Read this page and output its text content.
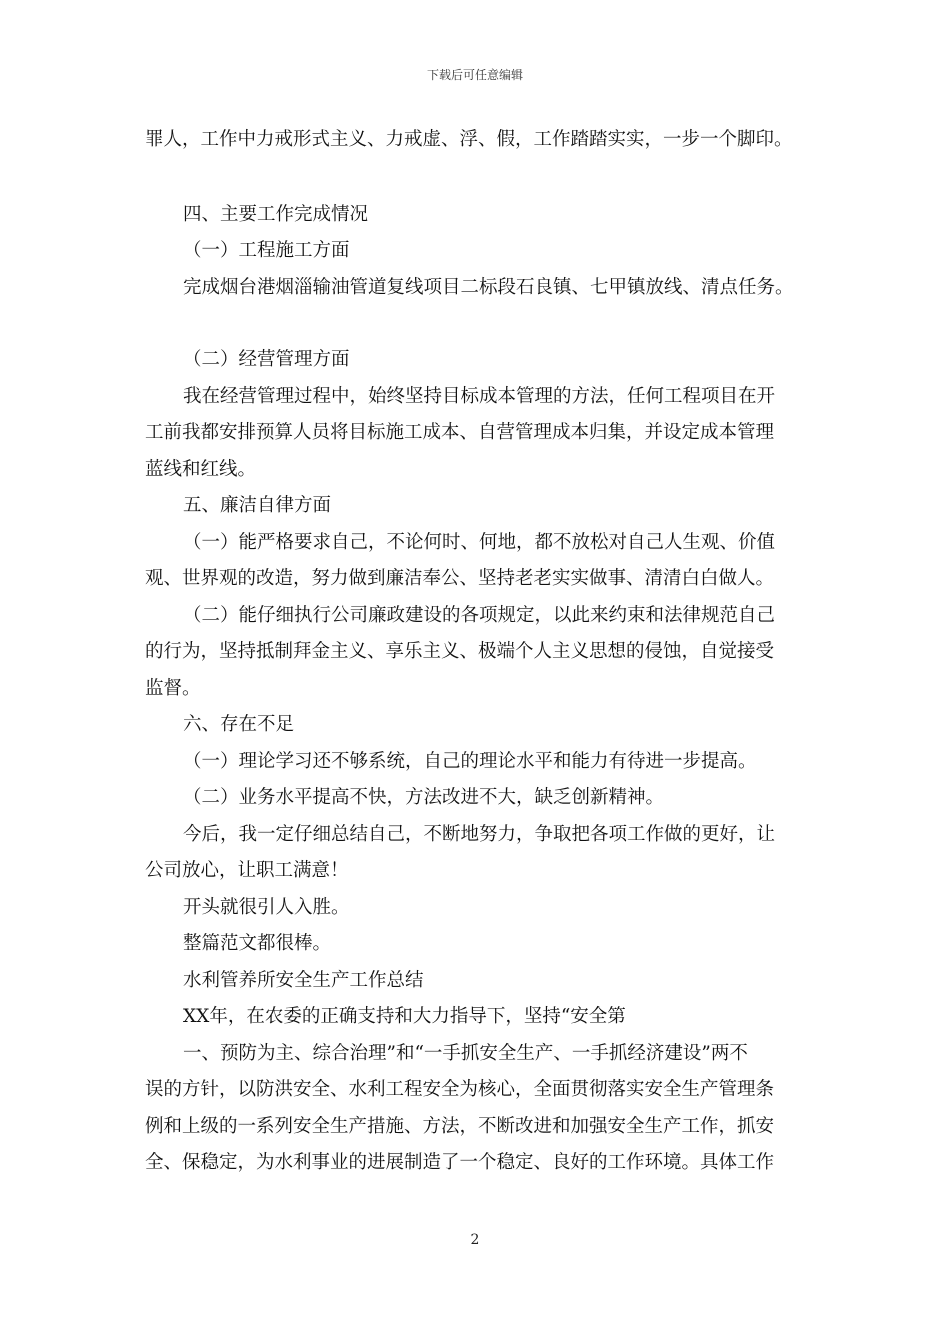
下载后可任意编辑

罪人，工作中力戒形式主义、力戒虚、浮、假，工作踏踏实实，一步一个脚印。

四、主要工作完成情况

（一）工程施工方面

完成烟台港烟淄输油管道复线项目二标段石良镇、七甲镇放线、清点任务。

（二）经营管理方面

我在经营管理过程中，始终坚持目标成本管理的方法，任何工程项目在开

工前我都安排预算人员将目标施工成本、自营管理成本归集，并设定成本管理

蓝线和红线。

五、廉洁自律方面

（一）能严格要求自己，不论何时、何地，都不放松对自己人生观、价值

观、世界观的改造，努力做到廉洁奉公、坚持老老实实做事、清清白白做人。

（二）能仔细执行公司廉政建设的各项规定，以此来约束和法律规范自己

的行为，坚持抵制拜金主义、享乐主义、极端个人主义思想的侵蚀，自觉接受

监督。

六、存在不足

（一）理论学习还不够系统，自己的理论水平和能力有待进一步提高。

（二）业务水平提高不快，方法改进不大，缺乏创新精神。

今后，我一定仔细总结自己，不断地努力，争取把各项工作做的更好，让

公司放心，让职工满意！

开头就很引人入胜。

整篇范文都很棒。

水利管养所安全生产工作总结

XX年，在农委的正确支持和大力指导下，坚持“安全第

一、预防为主、综合治理”和“一手抓安全生产、一手抓经济建设”两不

误的方针，以防洪安全、水利工程安全为核心，全面贯彻落实安全生产管理条

例和上级的一系列安全生产措施、方法，不断改进和加强安全生产工作，抓安

全、保稳定，为水利事业的进展制造了一个稳定、良好的工作环境。具体工作

2
